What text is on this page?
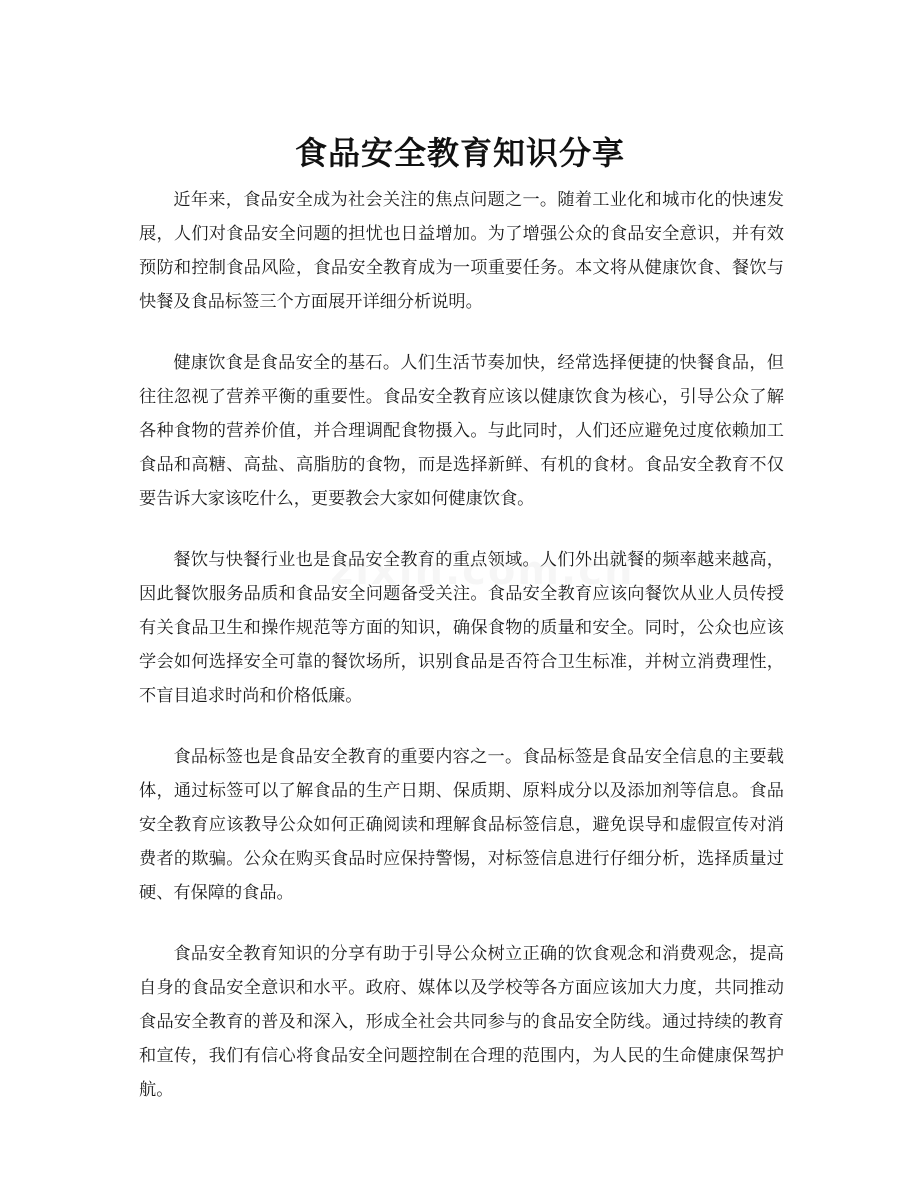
食品安全教育知识分享

近年来，食品安全成为社会关注的焦点问题之一。随着工业化和城市化的快速发展，人们对食品安全问题的担忧也日益增加。为了增强公众的食品安全意识，并有效预防和控制食品风险，食品安全教育成为一项重要任务。本文将从健康饮食、餐饮与快餐及食品标签三个方面展开详细分析说明。

健康饮食是食品安全的基石。人们生活节奏加快，经常选择便捷的快餐食品，但往往忽视了营养平衡的重要性。食品安全教育应该以健康饮食为核心，引导公众了解各种食物的营养价值，并合理调配食物摄入。与此同时，人们还应避免过度依赖加工食品和高糖、高盐、高脂肪的食物，而是选择新鲜、有机的食材。食品安全教育不仅要告诉大家该吃什么，更要教会大家如何健康饮食。

餐饮与快餐行业也是食品安全教育的重点领域。人们外出就餐的频率越来越高，因此餐饮服务品质和食品安全问题备受关注。食品安全教育应该向餐饮从业人员传授有关食品卫生和操作规范等方面的知识，确保食物的质量和安全。同时，公众也应该学会如何选择安全可靠的餐饮场所，识别食品是否符合卫生标准，并树立消费理性，不盲目追求时尚和价格低廉。

食品标签也是食品安全教育的重要内容之一。食品标签是食品安全信息的主要载体，通过标签可以了解食品的生产日期、保质期、原料成分以及添加剂等信息。食品安全教育应该教导公众如何正确阅读和理解食品标签信息，避免误导和虚假宣传对消费者的欺骗。公众在购买食品时应保持警惕，对标签信息进行仔细分析，选择质量过硬、有保障的食品。

食品安全教育知识的分享有助于引导公众树立正确的饮食观念和消费观念，提高自身的食品安全意识和水平。政府、媒体以及学校等各方面应该加大力度，共同推动食品安全教育的普及和深入，形成全社会共同参与的食品安全防线。通过持续的教育和宣传，我们有信心将食品安全问题控制在合理的范围内，为人民的生命健康保驾护航。
